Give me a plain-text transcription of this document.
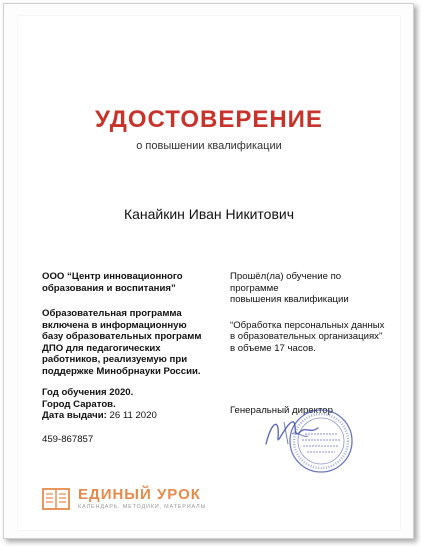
УДОСТОВЕРЕНИЕ
о повышении квалификации
Канайкин Иван Никитович
ООО “Центр инновационного
образования и воспитания”
Образовательная программа
включена в информационную
базу образовательных программ
ДПО для педагогических
работников, реализуемую при
поддержке Минобрнауки России.
Год обучения 2020.
Город Саратов.
Дата выдачи: 26 11 2020
459-867857
Прошёл(ла) обучение по программе
повышения квалификации
“Обработка персональных данных
в образовательных организациях”
в объеме 17 часов.
Генеральный директор
ЕДИНЫЙ УРОК
КАЛЕНДАРЬ, МЕТОДИКИ, МАТЕРИАЛЫ
